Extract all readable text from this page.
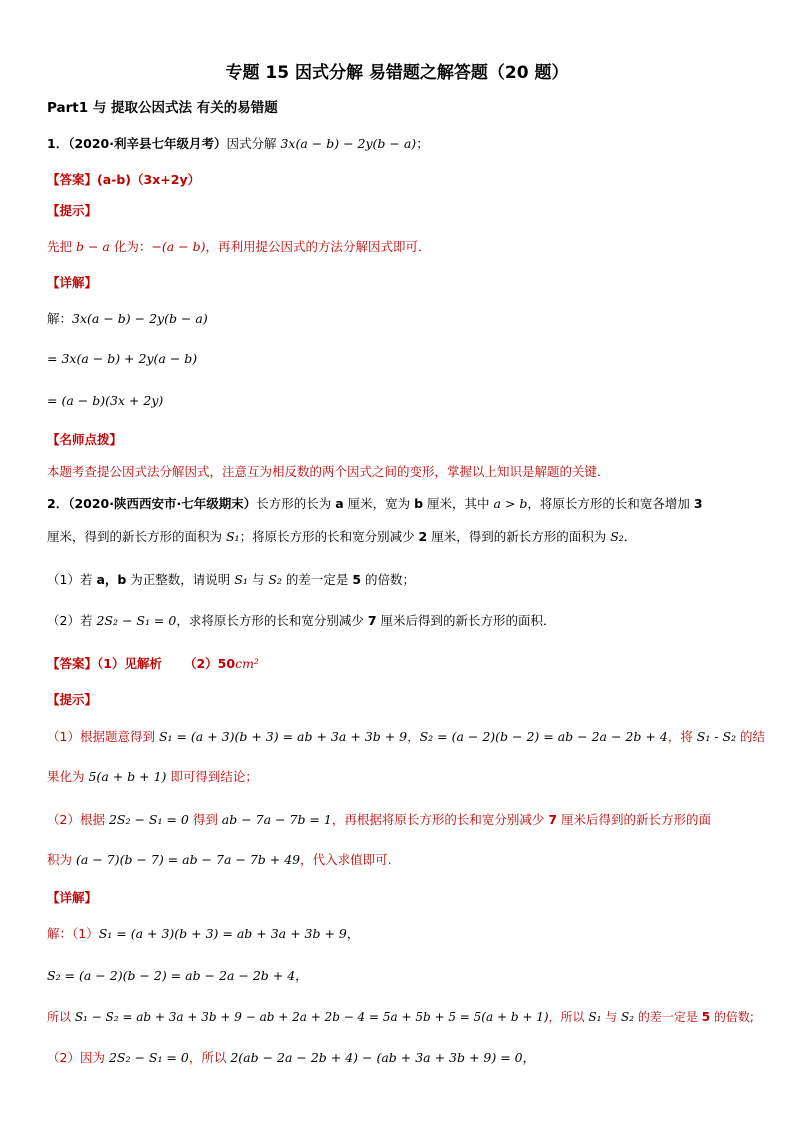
专题 15 因式分解 易错题之解答题（20 题）
Part1 与 提取公因式法 有关的易错题
1．（2020·利辛县七年级月考）因式分解 3x(a − b) − 2y(b − a)；
【答案】(a-b)（3x+2y）
【提示】
先把 b − a 化为：−(a − b)，再利用提公因式的方法分解因式即可．
【详解】
解：3x(a − b) − 2y(b − a)
= 3x(a − b) + 2y(a − b)
= (a − b)(3x + 2y)
【名师点拨】
本题考查提公因式法分解因式，注意互为相反数的两个因式之间的变形，掌握以上知识是解题的关键．
2．（2020·陕西西安市·七年级期末）长方形的长为 a 厘米，宽为 b 厘米，其中 a > b，将原长方形的长和宽各增加 3
厘米，得到的新长方形的面积为 S₁；将原长方形的长和宽分别减少 2 厘米，得到的新长方形的面积为 S₂．
（1）若 a，b 为正整数，请说明 S₁ 与 S₂ 的差一定是 5 的倍数；
（2）若 2S₂ − S₁ = 0，求将原长方形的长和宽分别减少 7 厘米后得到的新长方形的面积．
【答案】（1）见解析 （2）50cm²
【提示】
（1）根据题意得到 S₁ = (a + 3)(b + 3) = ab + 3a + 3b + 9，S₂ = (a − 2)(b − 2) = ab − 2a − 2b + 4，将 S₁ - S₂ 的结
果化为 5(a + b + 1) 即可得到结论；
（2）根据 2S₂ − S₁ = 0 得到 ab − 7a − 7b = 1，再根据将原长方形的长和宽分别减少 7 厘米后得到的新长方形的面
积为 (a − 7)(b − 7) = ab − 7a − 7b + 49，代入求值即可.
【详解】
解：（1）S₁ = (a + 3)(b + 3) = ab + 3a + 3b + 9，
S₂ = (a − 2)(b − 2) = ab − 2a − 2b + 4，
所以 S₁ − S₂ = ab + 3a + 3b + 9 − ab + 2a + 2b − 4 = 5a + 5b + 5 = 5(a + b + 1)，所以 S₁ 与 S₂ 的差一定是 5 的倍数;
（2）因为 2S₂ − S₁ = 0，所以 2(ab − 2a − 2b + 4) − (ab + 3a + 3b + 9) = 0，
